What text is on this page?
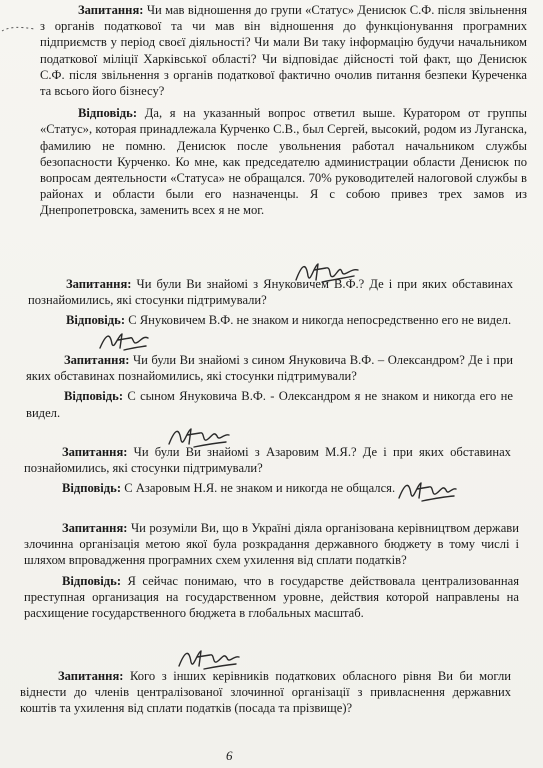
Запитання: Чи мав відношення до групи «Статус» Денисюк С.Ф. після звільнення з органів податкової та чи мав він відношення до функціонування програмних підприємств у період своєї діяльності? Чи мали Ви таку інформацію будучи начальником податкової міліції Харківської області? Чи відповідає дійсності той факт, що Денисюк С.Ф. після звільнення з органів податкової фактично очолив питання безпеки Куреченка та всього його бізнесу?

Відповідь: Да, я на указанный вопрос ответил выше. Куратором от группы «Статус», которая принадлежала Курченко С.В., был Сергей, высокий, родом из Луганска, фамилию не помню. Денисюк после увольнения работал начальником службы безопасности Курченко. Ко мне, как председателю администрации области Денисюк по вопросам деятельности «Статуса» не обращался. 70% руководителей налоговой службы в районах и области были его назначенцы. Я с собою привез трех замов из Днепропетровска, заменить всех я не мог.

Запитання: Чи були Ви знайомі з Януковичем В.Ф.? Де і при яких обставинах познайомились, які стосунки підтримували?

Відповідь: С Януковичем В.Ф. не знаком и никогда непосредственно его не видел.

Запитання: Чи були Ви знайомі з сином Януковича В.Ф. – Олександром? Де і при яких обставинах познайомились, які стосунки підтримували?

Відповідь: С сыном Януковича В.Ф. - Олександром я не знаком и никогда его не видел.

Запитання: Чи були Ви знайомі з Азаровим М.Я.? Де і при яких обставинах познайомились, які стосунки підтримували?

Відповідь: С Азаровым Н.Я. не знаком и никогда не общался.

Запитання: Чи розуміли Ви, що в Україні діяла організована керівництвом держави злочинна організація метою якої була розкрадання державного бюджету в тому числі і шляхом впровадження програмних схем ухилення від сплати податків?

Відповідь: Я сейчас понимаю, что в государстве действовала централизованная преступная организация на государственном уровне, действия которой направлены на расхищение государственного бюджета в глобальных масштаб.

Запитання: Кого з інших керівників податкових обласного рівня Ви би могли віднести до членів централізованої злочинної організації з привласнення державних коштів та ухилення від сплати податків (посада та прізвище)?

6
